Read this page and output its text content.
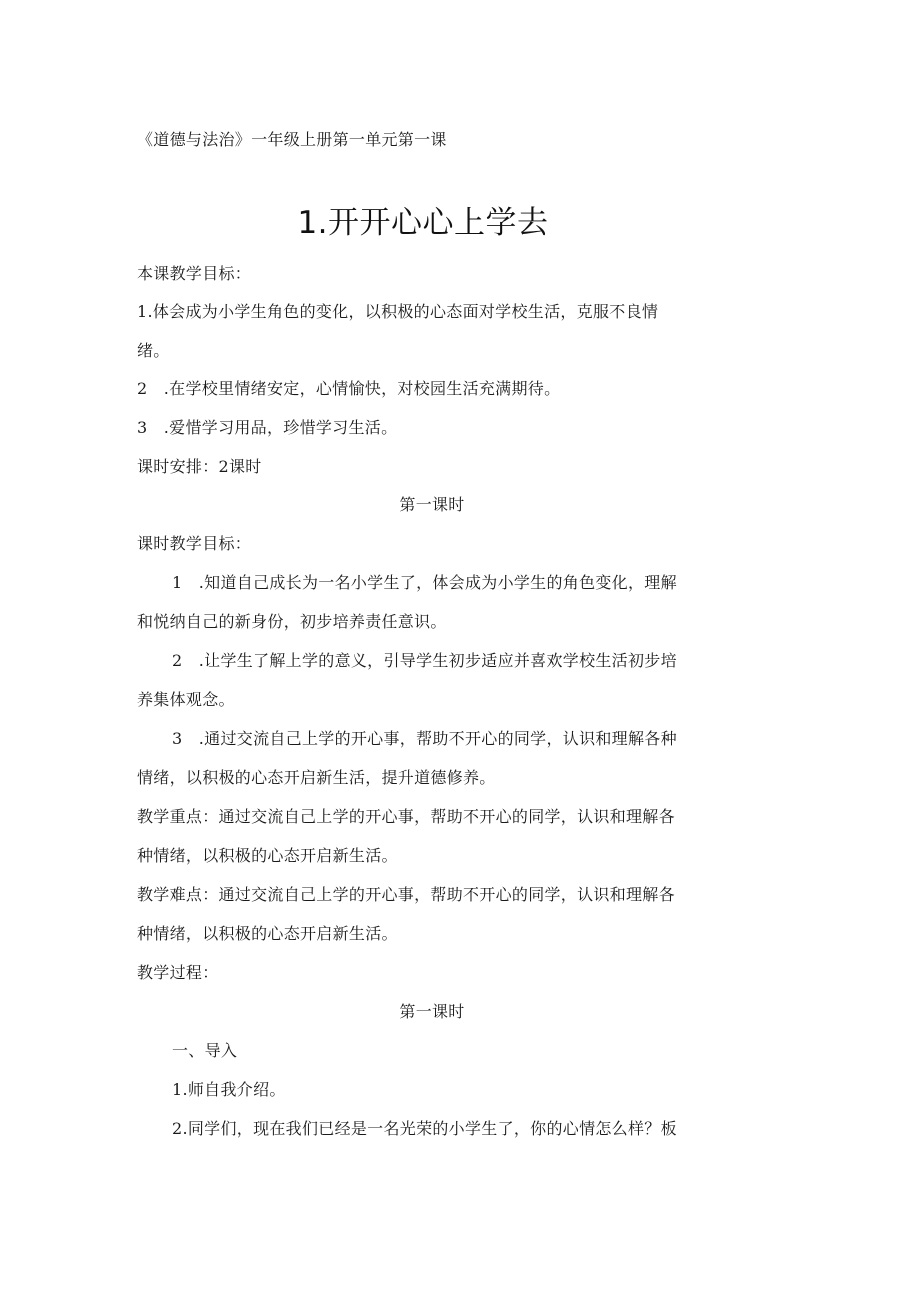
《道德与法治》一年级上册第一单元第一课
1.开开心心上学去
本课教学目标：
1.体会成为小学生角色的变化，以积极的心态面对学校生活，克服不良情
绪。
2　.在学校里情绪安定，心情愉快，对校园生活充满期待。
3　.爱惜学习用品，珍惜学习生活。
课时安排：2课时
第一课时
课时教学目标：
1　.知道自己成长为一名小学生了，体会成为小学生的角色变化，理解
和悦纳自己的新身份，初步培养责任意识。
2　.让学生了解上学的意义，引导学生初步适应并喜欢学校生活初步培
养集体观念。
3　.通过交流自己上学的开心事，帮助不开心的同学，认识和理解各种
情绪，以积极的心态开启新生活，提升道德修养。
教学重点：通过交流自己上学的开心事，帮助不开心的同学，认识和理解各
种情绪，以积极的心态开启新生活。
教学难点：通过交流自己上学的开心事，帮助不开心的同学，认识和理解各
种情绪，以积极的心态开启新生活。
教学过程：
第一课时
一、导入
1.师自我介绍。
2.同学们，现在我们已经是一名光荣的小学生了，你的心情怎么样？板
